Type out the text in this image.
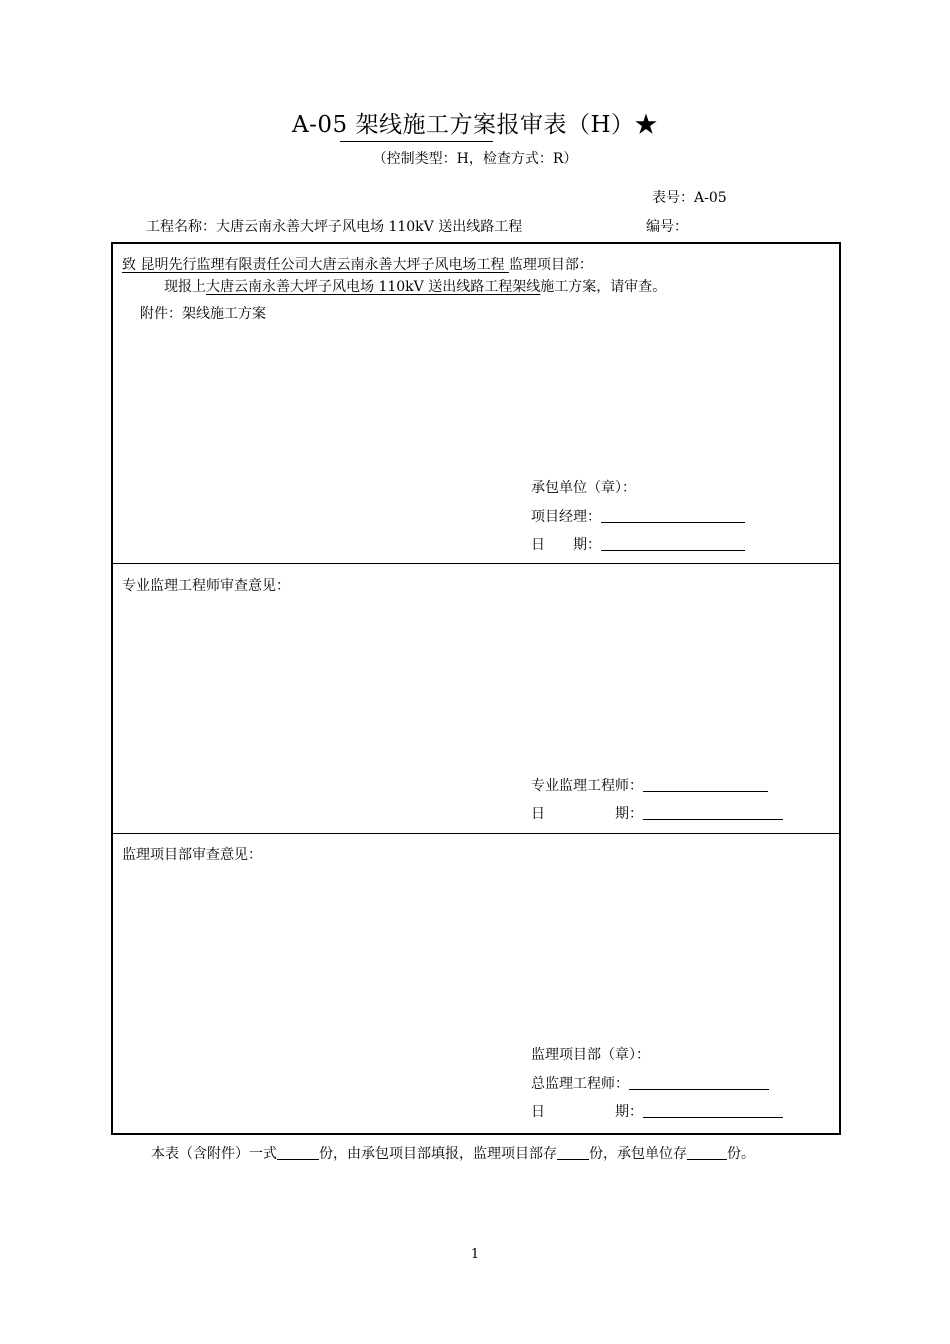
A-05 架线施工方案报审表（H）★
（控制类型：H，检查方式：R）
表号：A-05
工程名称：大唐云南永善大坪子风电场 110kV 送出线路工程	编号：
致 昆明先行监理有限责任公司大唐云南永善大坪子风电场工程 监理项目部：
现报上大唐云南永善大坪子风电场 110kV 送出线路工程架线施工方案，请审查。
附件：架线施工方案
承包单位（章）：
项目经理：
日　　期：
专业监理工程师审查意见：
专业监理工程师：
日	期：
监理项目部审查意见：
监理项目部（章）：
总监理工程师：
日	期：
本表（含附件）一式	份，由承包项目部填报，监理项目部存 份，承包单位存	份。
1
